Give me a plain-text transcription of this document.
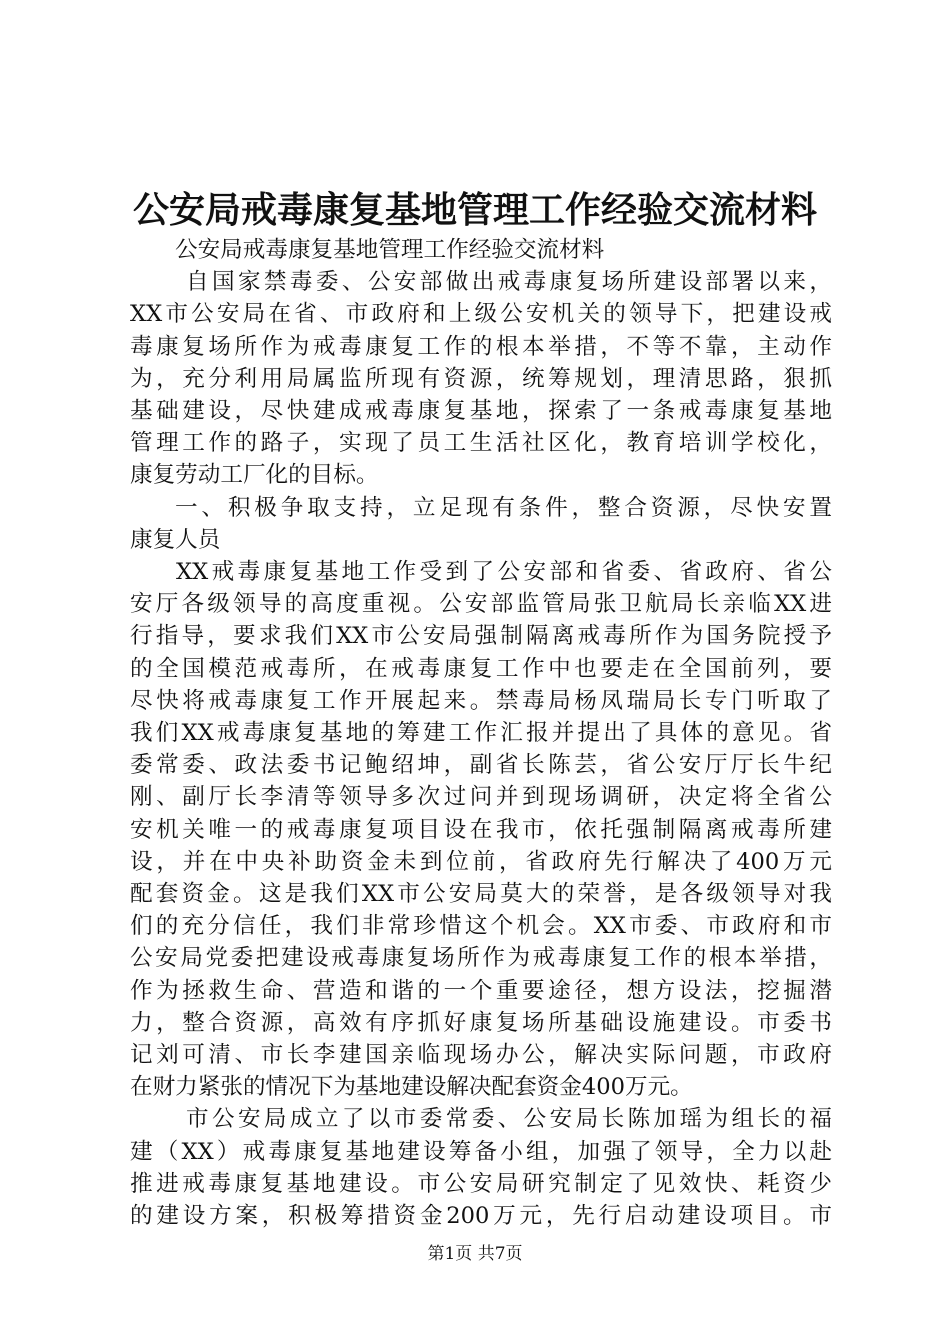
公安局戒毒康复基地管理工作经验交流材料
公安局戒毒康复基地管理工作经验交流材料

自国家禁毒委、公安部做出戒毒康复场所建设部署以来，
XX市公安局在省、市政府和上级公安机关的领导下，把建设戒
毒康复场所作为戒毒康复工作的根本举措，不等不靠，主动作
为，充分利用局属监所现有资源，统筹规划，理清思路，狠抓
基础建设，尽快建成戒毒康复基地，探索了一条戒毒康复基地
管理工作的路子，实现了员工生活社区化，教育培训学校化，
康复劳动工厂化的目标。

一、积极争取支持，立足现有条件，整合资源，尽快安置
康复人员

XX戒毒康复基地工作受到了公安部和省委、省政府、省公
安厅各级领导的高度重视。公安部监管局张卫航局长亲临XX进
行指导，要求我们XX市公安局强制隔离戒毒所作为国务院授予
的全国模范戒毒所，在戒毒康复工作中也要走在全国前列，要
尽快将戒毒康复工作开展起来。禁毒局杨凤瑞局长专门听取了
我们XX戒毒康复基地的筹建工作汇报并提出了具体的意见。省
委常委、政法委书记鲍绍坤，副省长陈芸，省公安厅厅长牛纪
刚、副厅长李清等领导多次过问并到现场调研，决定将全省公
安机关唯一的戒毒康复项目设在我市，依托强制隔离戒毒所建
设，并在中央补助资金未到位前，省政府先行解决了400万元
配套资金。这是我们XX市公安局莫大的荣誉，是各级领导对我
们的充分信任，我们非常珍惜这个机会。XX市委、市政府和市
公安局党委把建设戒毒康复场所作为戒毒康复工作的根本举措，
作为拯救生命、营造和谐的一个重要途径，想方设法，挖掘潜
力，整合资源，高效有序抓好康复场所基础设施建设。市委书
记刘可清、市长李建国亲临现场办公，解决实际问题，市政府
在财力紧张的情况下为基地建设解决配套资金400万元。

市公安局成立了以市委常委、公安局长陈加瑶为组长的福
建（XX）戒毒康复基地建设筹备小组，加强了领导，全力以赴
推进戒毒康复基地建设。市公安局研究制定了见效快、耗资少
的建设方案，积极筹措资金200万元，先行启动建设项目。市

第1页 共7页
